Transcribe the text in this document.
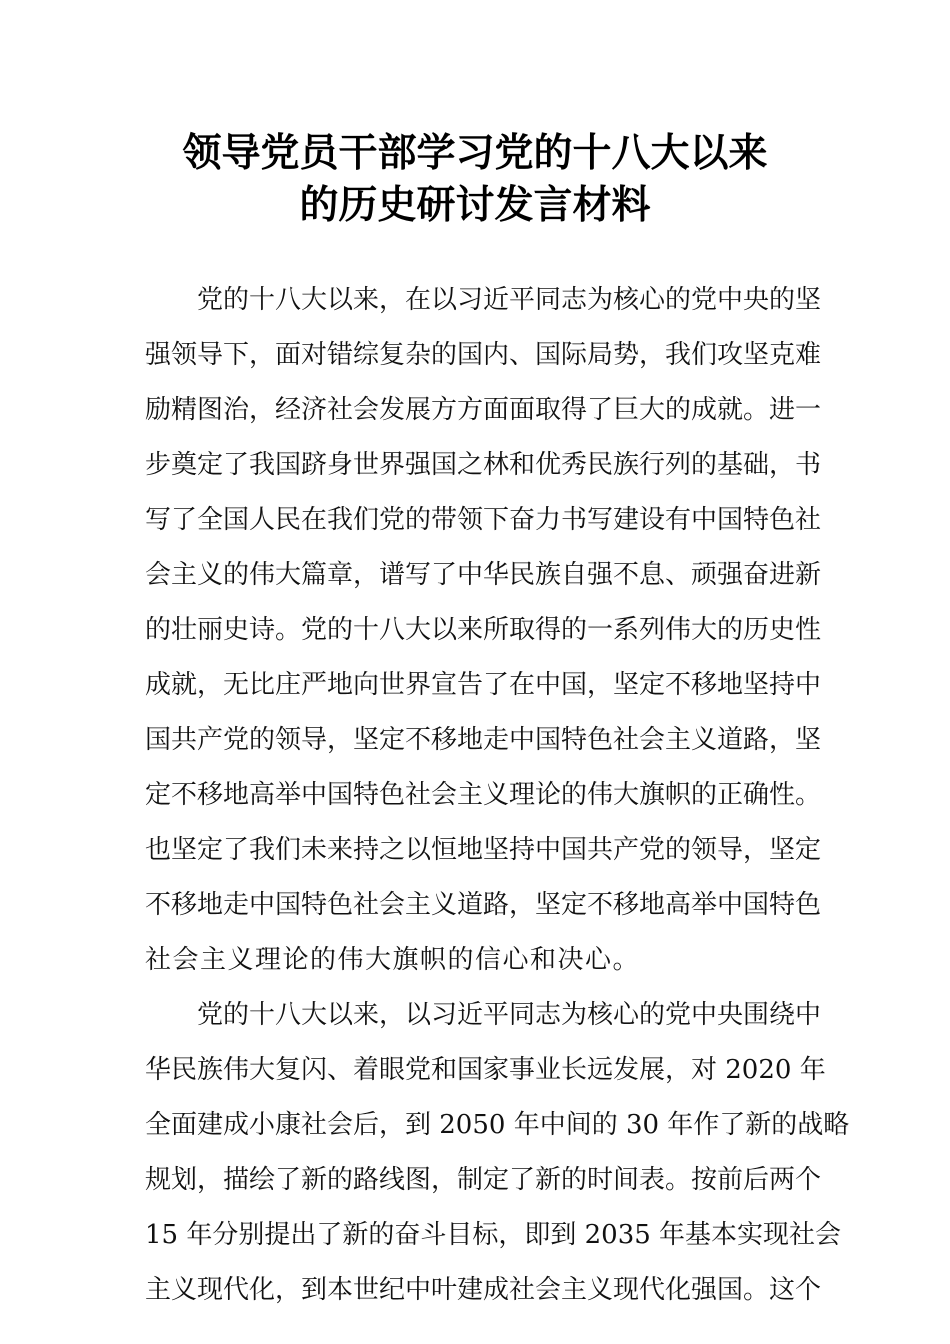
领导党员干部学习党的十八大以来
的历史研讨发言材料
党的十八大以来，在以习近平同志为核心的党中央的坚
强领导下，面对错综复杂的国内、国际局势，我们攻坚克难
励精图治，经济社会发展方方面面取得了巨大的成就。进一
步奠定了我国跻身世界强国之林和优秀民族行列的基础，书
写了全国人民在我们党的带领下奋力书写建设有中国特色社
会主义的伟大篇章，谱写了中华民族自强不息、顽强奋进新
的壮丽史诗。党的十八大以来所取得的一系列伟大的历史性
成就，无比庄严地向世界宣告了在中国，坚定不移地坚持中
国共产党的领导，坚定不移地走中国特色社会主义道路，坚
定不移地高举中国特色社会主义理论的伟大旗帜的正确性。
也坚定了我们未来持之以恒地坚持中国共产党的领导，坚定
不移地走中国特色社会主义道路，坚定不移地高举中国特色
社会主义理论的伟大旗帜的信心和决心。
党的十八大以来，以习近平同志为核心的党中央围绕中
华民族伟大复闪、着眼党和国家事业长远发展，对 2020 年
全面建成小康社会后，到 2050 年中间的 30 年作了新的战略
规划，描绘了新的路线图，制定了新的时间表。按前后两个
15 年分别提出了新的奋斗目标，即到 2035 年基本实现社会
主义现代化，到本世纪中叶建成社会主义现代化强国。这个
